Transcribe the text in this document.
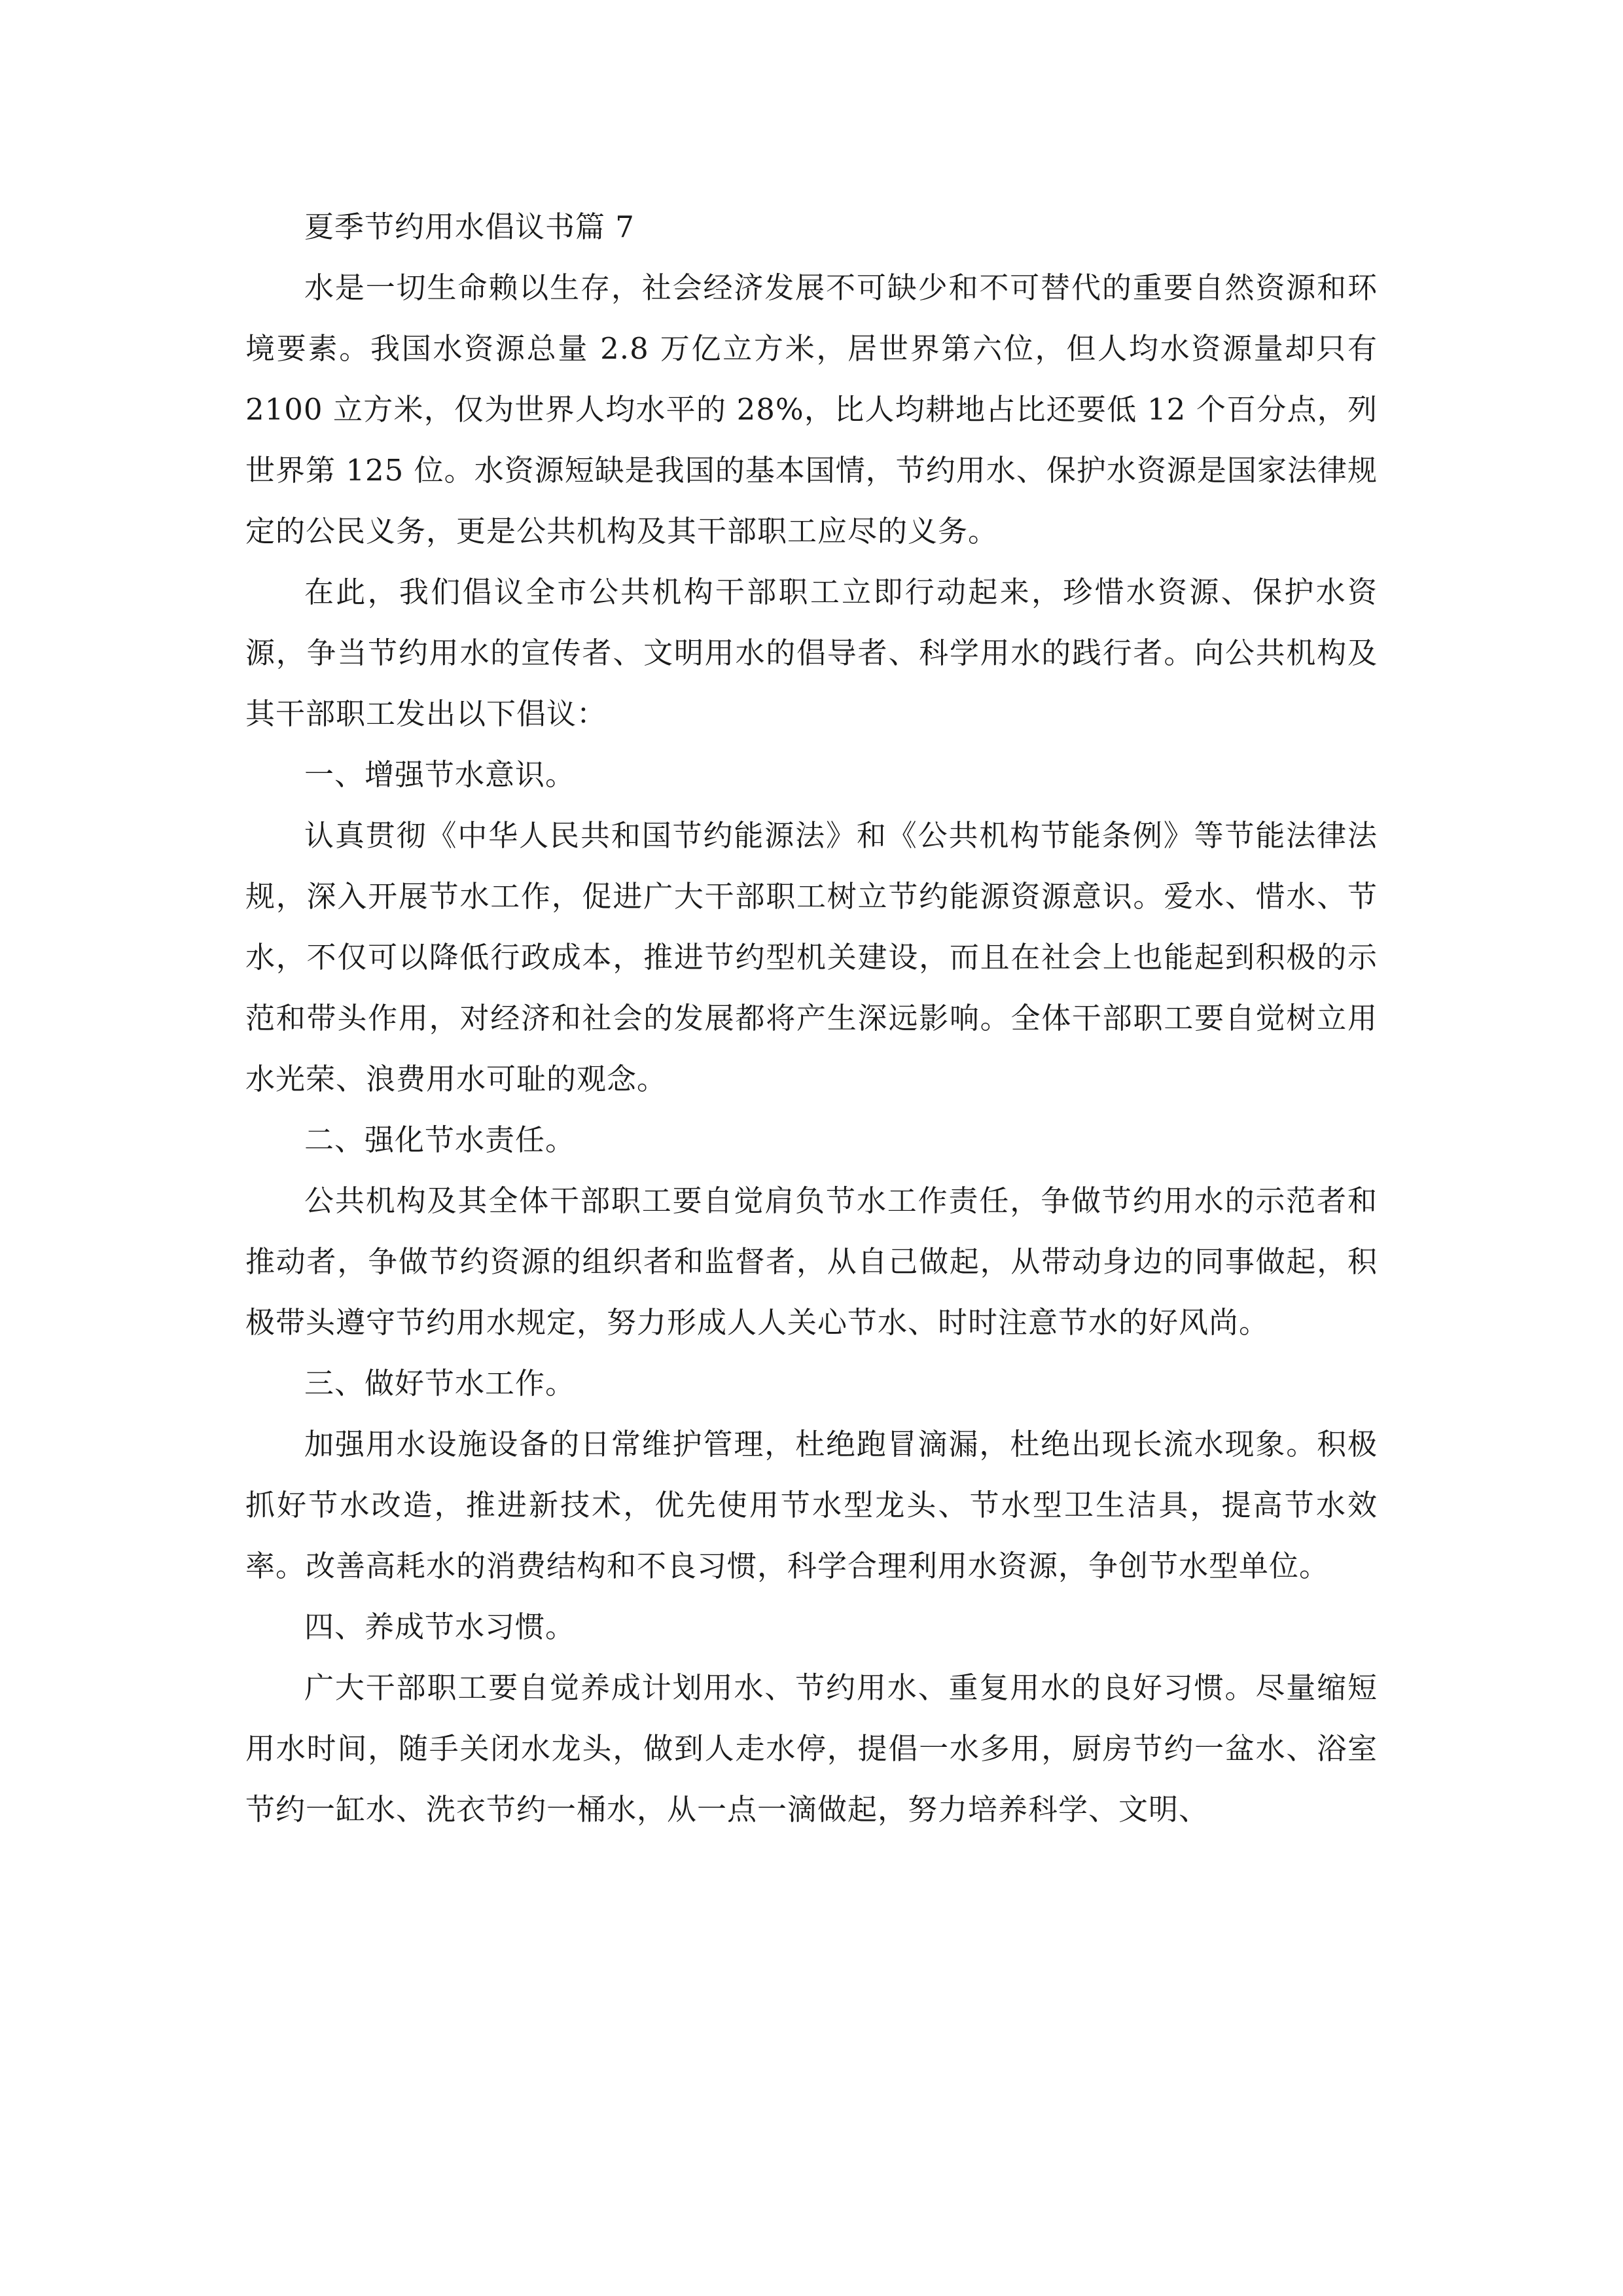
夏季节约用水倡议书篇 7

水是一切生命赖以生存，社会经济发展不可缺少和不可替代的重要自然资源和环境要素。我国水资源总量 2.8 万亿立方米，居世界第六位，但人均水资源量却只有 2100 立方米，仅为世界人均水平的 28%，比人均耕地占比还要低 12 个百分点，列世界第 125 位。水资源短缺是我国的基本国情，节约用水、保护水资源是国家法律规定的公民义务，更是公共机构及其干部职工应尽的义务。

在此，我们倡议全市公共机构干部职工立即行动起来，珍惜水资源、保护水资源，争当节约用水的宣传者、文明用水的倡导者、科学用水的践行者。向公共机构及其干部职工发出以下倡议：

一、增强节水意识。

认真贯彻《中华人民共和国节约能源法》和《公共机构节能条例》等节能法律法规，深入开展节水工作，促进广大干部职工树立节约能源资源意识。爱水、惜水、节水，不仅可以降低行政成本，推进节约型机关建设，而且在社会上也能起到积极的示范和带头作用，对经济和社会的发展都将产生深远影响。全体干部职工要自觉树立用水光荣、浪费用水可耻的观念。

二、强化节水责任。

公共机构及其全体干部职工要自觉肩负节水工作责任，争做节约用水的示范者和推动者，争做节约资源的组织者和监督者，从自己做起，从带动身边的同事做起，积极带头遵守节约用水规定，努力形成人人关心节水、时时注意节水的好风尚。

三、做好节水工作。

加强用水设施设备的日常维护管理，杜绝跑冒滴漏，杜绝出现长流水现象。积极抓好节水改造，推进新技术，优先使用节水型龙头、节水型卫生洁具，提高节水效率。改善高耗水的消费结构和不良习惯，科学合理利用水资源，争创节水型单位。

四、养成节水习惯。

广大干部职工要自觉养成计划用水、节约用水、重复用水的良好习惯。尽量缩短用水时间，随手关闭水龙头，做到人走水停，提倡一水多用，厨房节约一盆水、浴室节约一缸水、洗衣节约一桶水，从一点一滴做起，努力培养科学、文明、
